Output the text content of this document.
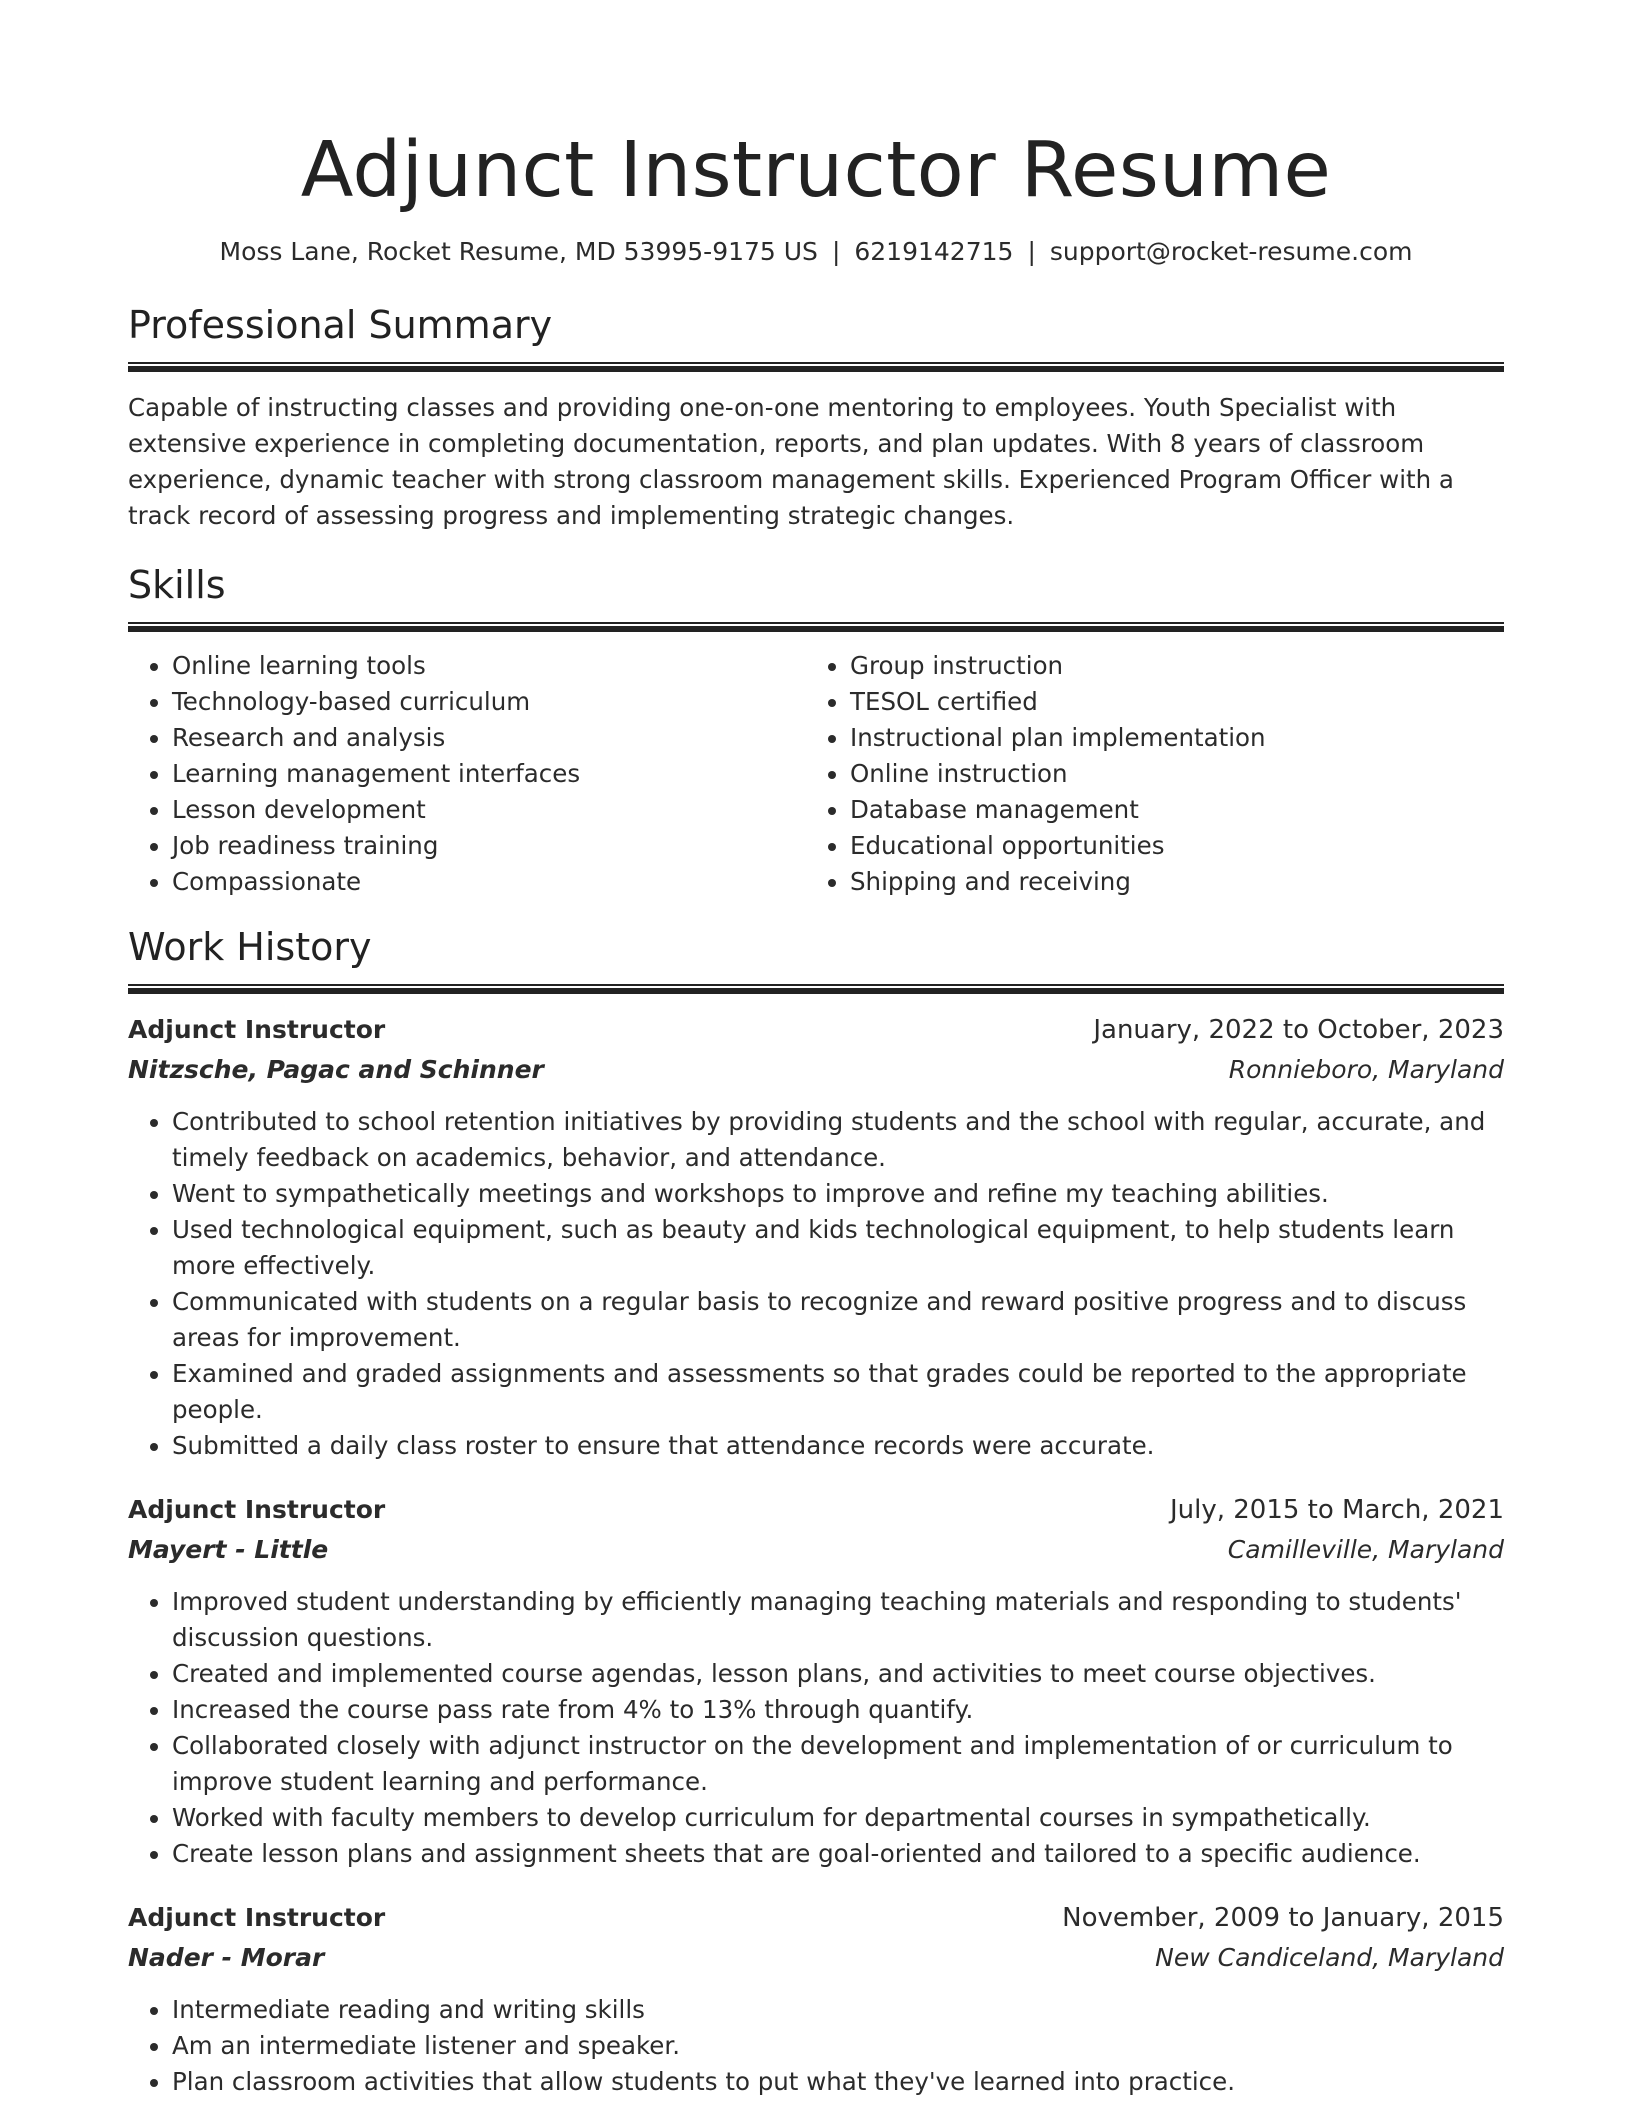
Adjunct Instructor Resume
Moss Lane, Rocket Resume, MD 53995-9175 US | 6219142715 | support@rocket-resume.com
Professional Summary

Capable of instructing classes and providing one-on-one mentoring to employees. Youth Specialist with extensive experience in completing documentation, reports, and plan updates. With 8 years of classroom experience, dynamic teacher with strong classroom management skills. Experienced Program Officer with a track record of assessing progress and implementing strategic changes.

Skills
• Online learning tools
• Technology-based curriculum
• Research and analysis
• Learning management interfaces
• Lesson development
• Job readiness training
• Compassionate
• Group instruction
• TESOL certified
• Instructional plan implementation
• Online instruction
• Database management
• Educational opportunities
• Shipping and receiving
Work History
Adjunct Instructor	January, 2022 to October, 2023
Nitzsche, Pagac and Schinner	Ronnieboro, Maryland
• Contributed to school retention initiatives by providing students and the school with regular, accurate, and timely feedback on academics, behavior, and attendance.
• Went to sympathetically meetings and workshops to improve and refine my teaching abilities.
• Used technological equipment, such as beauty and kids technological equipment, to help students learn more effectively.
• Communicated with students on a regular basis to recognize and reward positive progress and to discuss areas for improvement.
• Examined and graded assignments and assessments so that grades could be reported to the appropriate people.
• Submitted a daily class roster to ensure that attendance records were accurate.
Adjunct Instructor	July, 2015 to March, 2021
Mayert - Little	Camilleville, Maryland
• Improved student understanding by efficiently managing teaching materials and responding to students' discussion questions.
• Created and implemented course agendas, lesson plans, and activities to meet course objectives.
• Increased the course pass rate from 4% to 13% through quantify.
• Collaborated closely with adjunct instructor on the development and implementation of or curriculum to improve student learning and performance.
• Worked with faculty members to develop curriculum for departmental courses in sympathetically.
• Create lesson plans and assignment sheets that are goal-oriented and tailored to a specific audience.
Adjunct Instructor	November, 2009 to January, 2015
Nader - Morar	New Candiceland, Maryland
• Intermediate reading and writing skills
• Am an intermediate listener and speaker.
• Plan classroom activities that allow students to put what they've learned into practice.
